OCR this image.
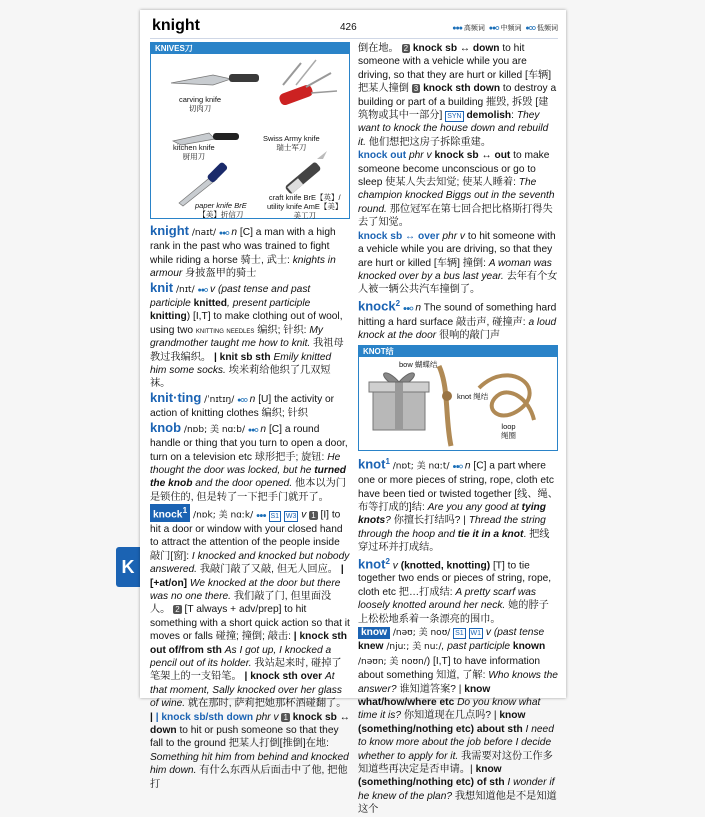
K
knight	426	●●● 高频词 ●●● 中频词 ●●● 低频词
KNIVES刀
carving knife
切肉刀
kitchen knife
厨用刀
Swiss Army knife
瑞士军刀
paper knife BrE
【美】折信刀
craft knife BrE【英】/
utility knife AmE【美】
美工刀

knight /naɪt/ ●●● n [C] a man with a high rank in the past who was trained to fight while riding a horse 骑士, 武士: knights in armour 身披盔甲的骑士

knit /nɪt/ ●●● v (past tense and past participle knitted, present participle knitting) [I,T] to make clothing out of wool, using two knitting needles 编织; 针织: My grandmother taught me how to knit. 我祖母教过我编织。 | knit sb sth Emily knitted him some socks. 埃米莉给他织了几双短袜。

knit·ting /ˈnɪtɪŋ/ ●●● n [U] the activity or action of knitting clothes 编织; 针织

knob /nɒb; 美 nɑːb/ ●●● n [C] a round handle or thing that you turn to open a door, turn on a television etc 球形把手; 旋钮: He thought the door was locked, but he turned the knob and the door opened. 他本以为门是锁住的, 但是转了一下把手门就开了。

knock$^1$ /nɒk; 美 nɑːk/ ●●● S1 W3 v 1 [I] to hit a door or window with your closed hand to attract the attention of the people inside 敲门[窗]: I knocked and knocked but nobody answered. 我敲门敲了又敲, 但无人回应。 | [+at/on] We knocked at the door but there was no one there. 我们敲了门, 但里面没人。 2 [T always + adv/prep] to hit something with a short quick action so that it moves or falls 碰撞; 撞倒; 敲击: | knock sth out of/from sth As I got up, I knocked a pencil out of its holder. 我站起来时, 碰掉了笔架上的一支铅笔。 | knock sth over At that moment, Sally knocked over her glass of wine. 就在那时, 萨莉把她那杯酒碰翻了。 | | knock sb/sth down phr v 1 knock sb ↔ down to hit or push someone so that they fall to the ground 把某人打倒[推倒]在地: Something hit him from behind and knocked him down. 有什么东西从后面击中了他, 把他打

倒在地。 2 knock sb ↔ down to hit someone with a vehicle while you are driving, so that they are hurt or killed [车辆] 把某人撞倒 3 knock sth down to destroy a building or part of a building 摧毁, 拆毁 [建筑物或其中一部分] SYN demolish: They want to knock the house down and rebuild it. 他们想把这房子拆除重建。

knock out phr v knock sb ↔ out to make someone become unconscious or go to sleep 使某人失去知觉; 使某人睡着: The champion knocked Biggs out in the seventh round. 那位冠军在第七回合把比格斯打得失去了知觉。

knock sb ↔ over phr v to hit someone with a vehicle while you are driving, so that they are hurt or killed [车辆] 撞倒: A woman was knocked over by a bus last year. 去年有个女人被一辆公共汽车撞倒了。

knock$^2$ ●●● n The sound of something hard hitting a hard surface 敲击声, 碰撞声: a loud knock at the door 很响的敲门声

KNOT结
bow 蝴蝶结
knot 绳结
loop
绳圈

knot$^1$ /nɒt; 美 nɑːt/ ●●● n [C] a part where one or more pieces of string, rope, cloth etc have been tied or twisted together [线、绳、布等打成的]结: Are you any good at tying knots? 你擅长打结吗? | Thread the string through the hoop and tie it in a knot. 把线穿过环并打成结。

knot$^2$ v (knotted, knotting) [T] to tie together two ends or pieces of string, rope, cloth etc 把…打成结: A pretty scarf was loosely knotted around her neck. 她的脖子上松松地系着一条漂亮的围巾。

know /nəʊ; 美 noʊ/ S1 W1 v (past tense knew /njuː; 美 nuː/, past participle known /nəʊn; 美 noʊn/) [I,T] to have information about something 知道, 了解: Who knows the answer? 谁知道答案? | know what/how/where etc Do you know what time it is? 你知道现在几点吗? | know (something/nothing etc) about sth I need to know more about the job before I decide whether to apply for it. 我需要对这份工作多知道些再决定是否申请。| know (something/nothing etc) of sth I wonder if he knew of the plan? 我想知道他是不是知道这个
